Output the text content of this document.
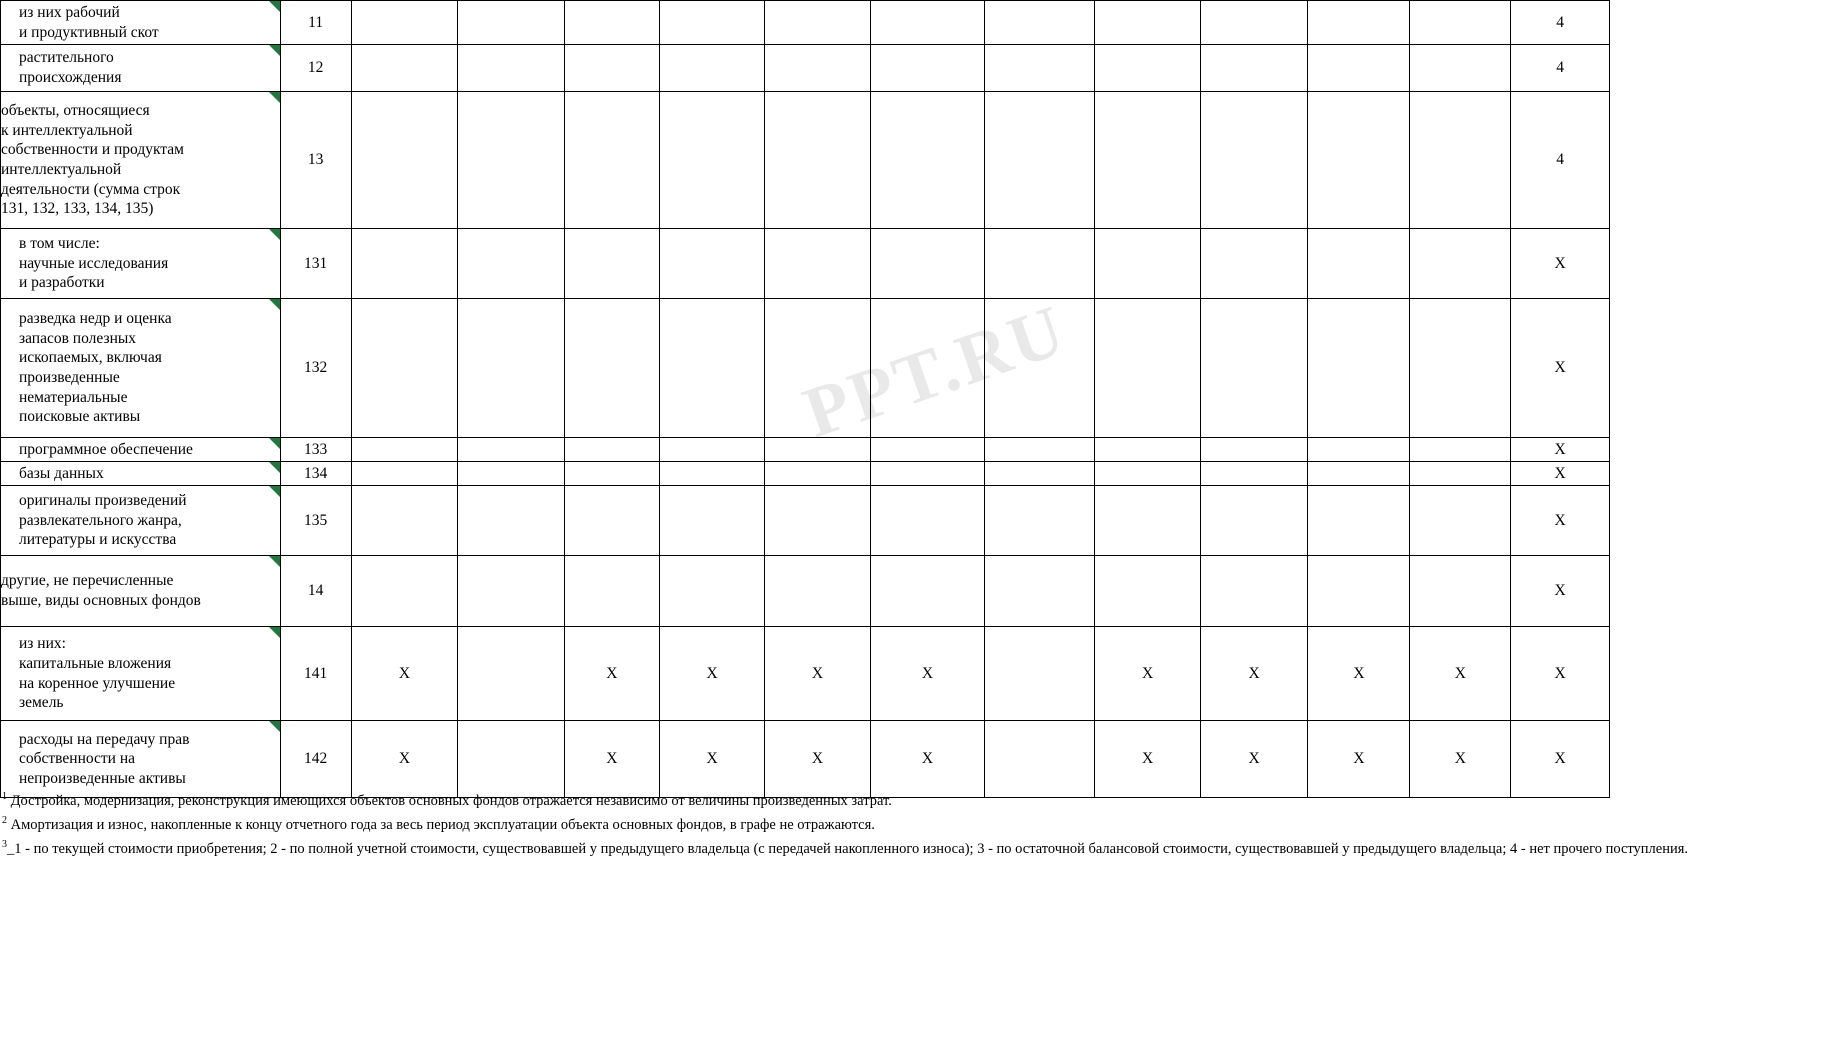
PPT.RU
из них рабочий
и продуктивный скот	11												4

растительного
происхождения	12												4

объекты, относящиеся
к интеллектуальной
собственности и продуктам
интеллектуальной
деятельности (сумма строк
131, 132, 133, 134, 135)
	13												4

в том числе:
научные исследования
и разработки	131												X

разведка недр и оценка
запасов полезных
ископаемых, включая
произведенные
нематериальные
поисковые активы
	132												X

программное обеспечение	133												X

базы данных	134												X

оригиналы произведений
развлекательного жанра,
литературы и искусства	135												X

другие, не перечисленные
выше, виды основных фондов	14												X

из них:
капитальные вложения
на коренное улучшение
земель	141	X		X	X	X	X		X	X	X	X	X

расходы на передачу прав
собственности на
непроизведенные активы	142	X		X	X	X	X		X	X	X	X	X
$^1$ Достройка, модернизация, реконструкция имеющихся объектов основных фондов отражается независимо от величины произведенных затрат.
$^2$ Амортизация и износ, накопленные к концу отчетного года за весь период эксплуатации объекта основных фондов, в графе не отражаются.
$^3$_1 - по текущей стоимости приобретения; 2 - по полной учетной стоимости, существовавшей у предыдущего владельца (с передачей накопленного износа); 3 - по остаточной балансовой стоимости, существовавшей у предыдущего владельца; 4 - нет прочего поступления.
